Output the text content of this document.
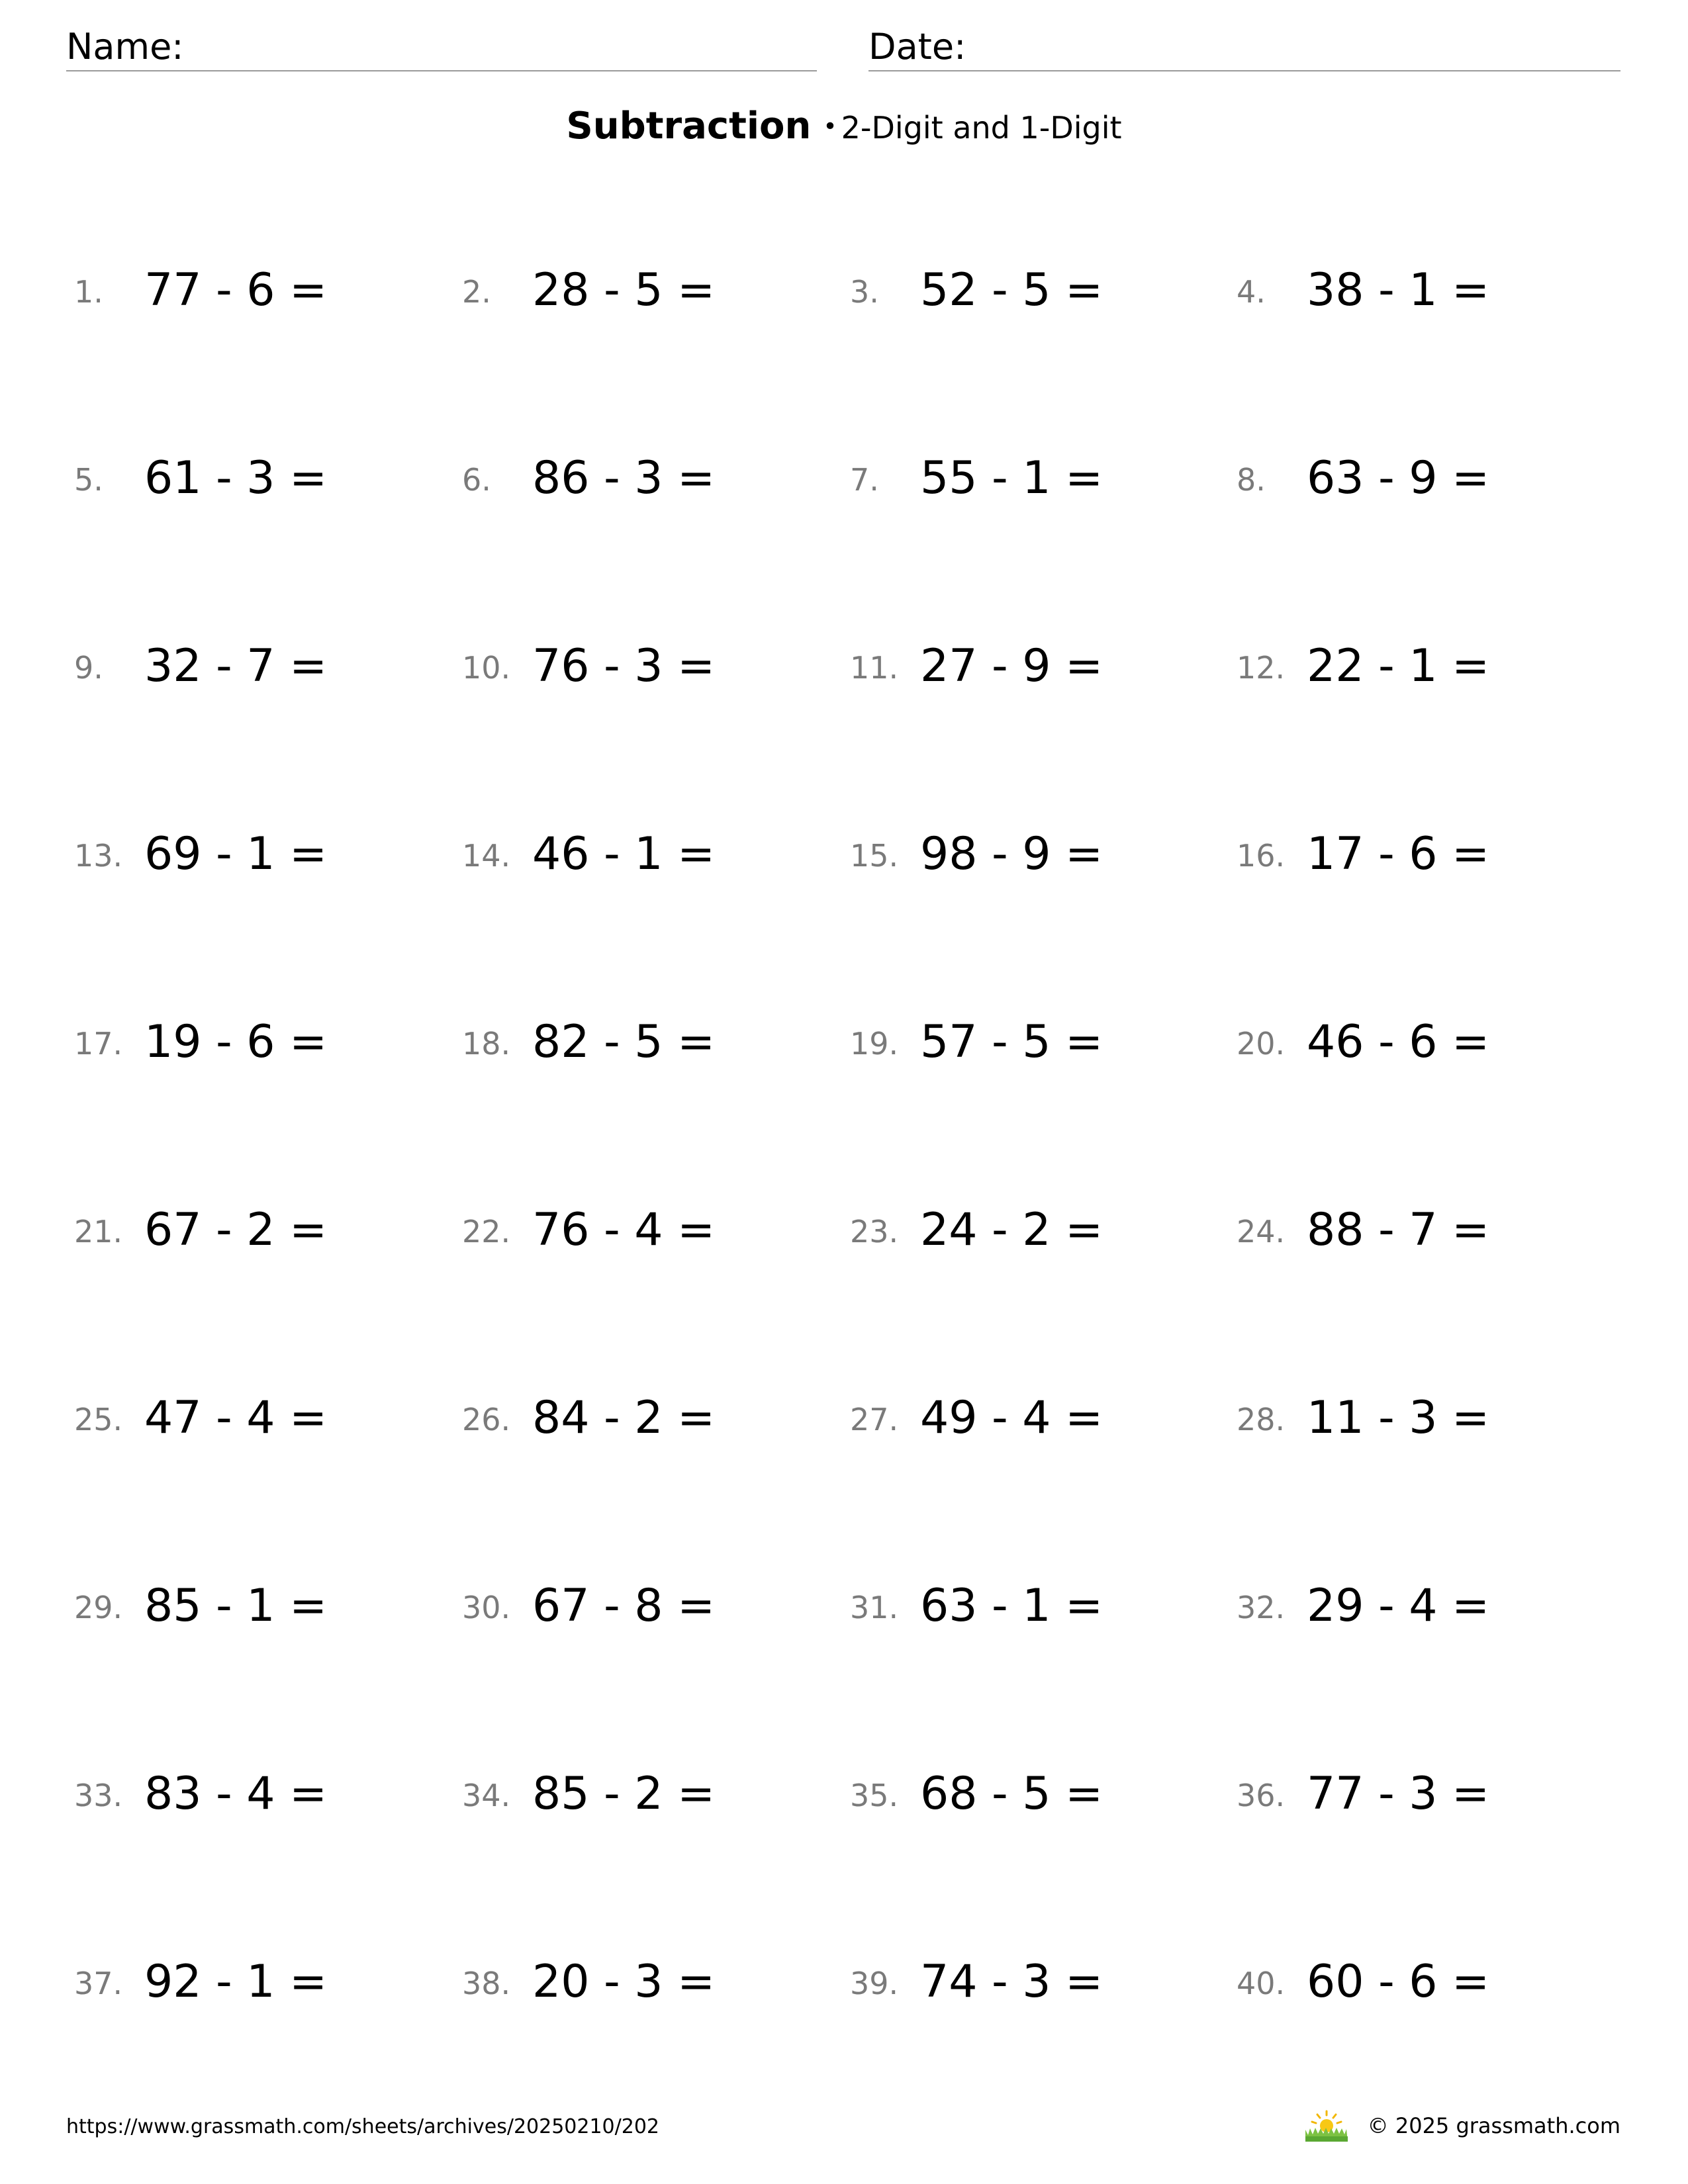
Name:	Date:
Subtraction • 2-Digit and 1-Digit
1. 77 - 6 =	2. 28 - 5 =	3. 52 - 5 =	4. 38 - 1 =
5. 61 - 3 =	6. 86 - 3 =	7. 55 - 1 =	8. 63 - 9 =
9. 32 - 7 =	10. 76 - 3 =	11. 27 - 9 =	12. 22 - 1 =
13. 69 - 1 =	14. 46 - 1 =	15. 98 - 9 =	16. 17 - 6 =
17. 19 - 6 =	18. 82 - 5 =	19. 57 - 5 =	20. 46 - 6 =
21. 67 - 2 =	22. 76 - 4 =	23. 24 - 2 =	24. 88 - 7 =
25. 47 - 4 =	26. 84 - 2 =	27. 49 - 4 =	28. 11 - 3 =
29. 85 - 1 =	30. 67 - 8 =	31. 63 - 1 =	32. 29 - 4 =
33. 83 - 4 =	34. 85 - 2 =	35. 68 - 5 =	36. 77 - 3 =
37. 92 - 1 =	38. 20 - 3 =	39. 74 - 3 =	40. 60 - 6 =
https://www.grassmath.com/sheets/archives/20250210/202	© 2025 grassmath.com
